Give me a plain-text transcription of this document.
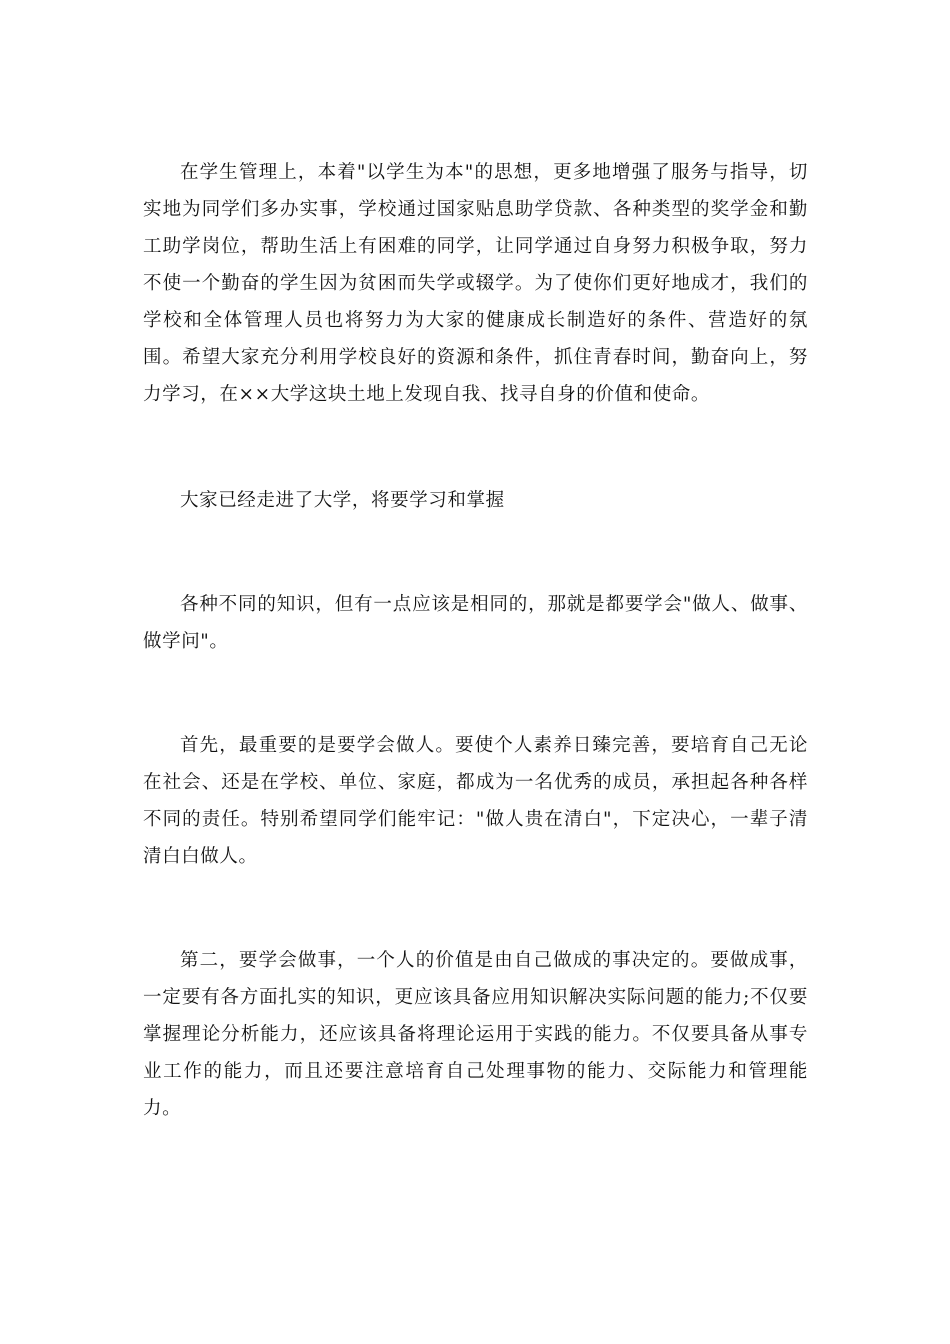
在学生管理上，本着"以学生为本"的思想，更多地增强了服务与指导，切实地为同学们多办实事，学校通过国家贴息助学贷款、各种类型的奖学金和勤工助学岗位，帮助生活上有困难的同学，让同学通过自身努力积极争取，努力不使一个勤奋的学生因为贫困而失学或辍学。为了使你们更好地成才，我们的学校和全体管理人员也将努力为大家的健康成长制造好的条件、营造好的氛围。希望大家充分利用学校良好的资源和条件，抓住青春时间，勤奋向上，努力学习，在××大学这块土地上发现自我、找寻自身的价值和使命。

大家已经走进了大学，将要学习和掌握

各种不同的知识，但有一点应该是相同的，那就是都要学会"做人、做事、做学问"。

首先，最重要的是要学会做人。要使个人素养日臻完善，要培育自己无论在社会、还是在学校、单位、家庭，都成为一名优秀的成员，承担起各种各样不同的责任。特别希望同学们能牢记："做人贵在清白"，下定决心，一辈子清清白白做人。

第二，要学会做事，一个人的价值是由自己做成的事决定的。要做成事，一定要有各方面扎实的知识，更应该具备应用知识解决实际问题的能力;不仅要掌握理论分析能力，还应该具备将理论运用于实践的能力。不仅要具备从事专业工作的能力，而且还要注意培育自己处理事物的能力、交际能力和管理能力。
